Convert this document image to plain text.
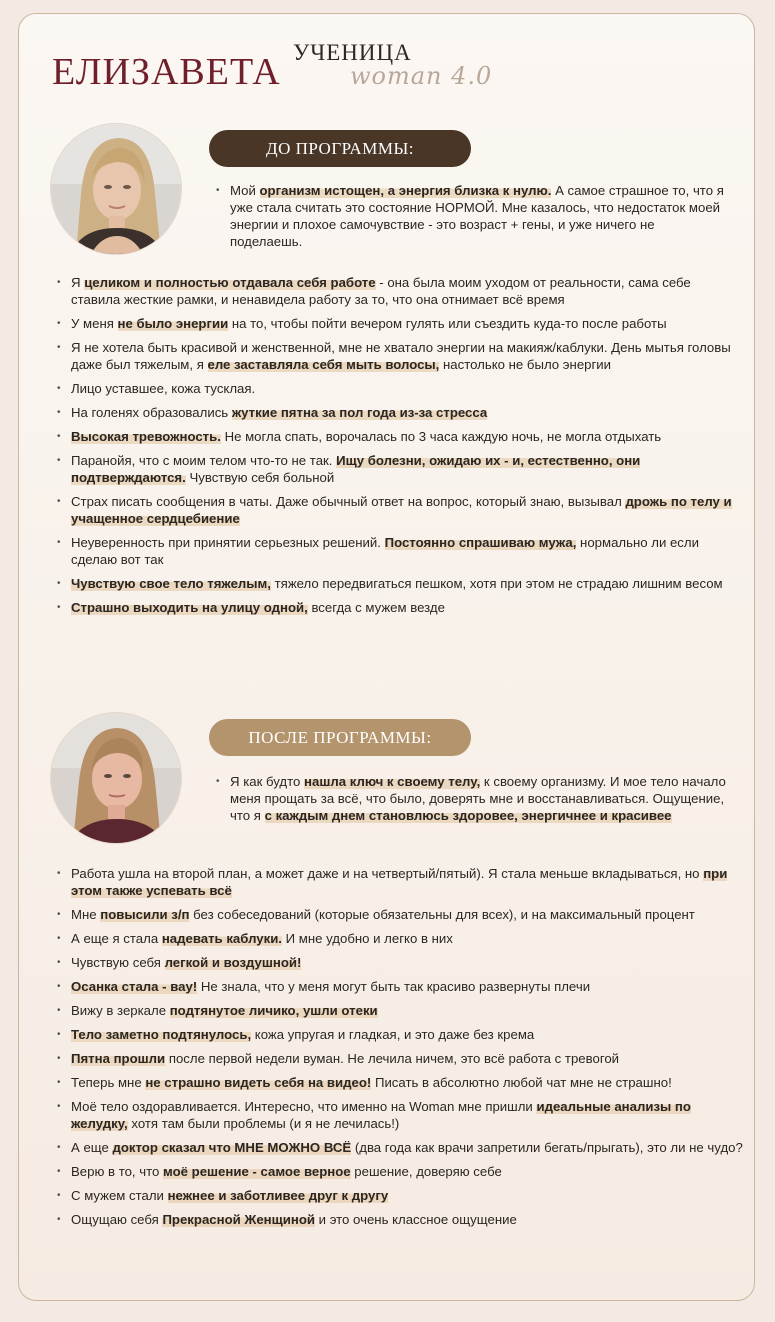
ЕЛИЗАВЕТА УЧЕНИЦА
woman 4.0
ДО ПРОГРАММЫ:
• Мой организм истощен, а энергия близка к нулю. А самое страшное то, что я уже стала считать это состояние НОРМОЙ. Мне казалось, что недостаток моей энергии и плохое самочувствие - это возраст + гены, и уже ничего не поделаешь.
• Я целиком и полностью отдавала себя работе - она была моим уходом от реальности, сама себе ставила жесткие рамки, и ненавидела работу за то, что она отнимает всё время
• У меня не было энергии на то, чтобы пойти вечером гулять или съездить куда-то после работы
• Я не хотела быть красивой и женственной, мне не хватало энергии на макияж/каблуки. День мытья головы даже был тяжелым, я еле заставляла себя мыть волосы, настолько не было энергии
• Лицо уставшее, кожа тусклая.
• На голенях образовались жуткие пятна за пол года из-за стресса
• Высокая тревожность. Не могла спать, ворочалась по 3 часа каждую ночь, не могла отдыхать
• Паранойя, что с моим телом что-то не так. Ищу болезни, ожидаю их - и, естественно, они подтверждаются. Чувствую себя больной
• Страх писать сообщения в чаты. Даже обычный ответ на вопрос, который знаю, вызывал дрожь по телу и учащенное сердцебиение
• Неуверенность при принятии серьезных решений. Постоянно спрашиваю мужа, нормально ли если сделаю вот так
• Чувствую свое тело тяжелым, тяжело передвигаться пешком, хотя при этом не страдаю лишним весом
• Страшно выходить на улицу одной, всегда с мужем везде
ПОСЛЕ ПРОГРАММЫ:
• Я как будто нашла ключ к своему телу, к своему организму. И мое тело начало меня прощать за всё, что было, доверять мне и восстанавливаться. Ощущение, что я с каждым днем становлюсь здоровее, энергичнее и красивее
• Работа ушла на второй план, а может даже и на четвертый/пятый). Я стала меньше вкладываться, но при этом также успевать всё
• Мне повысили з/п без собеседований (которые обязательны для всех), и на максимальный процент
• А еще я стала надевать каблуки. И мне удобно и легко в них
• Чувствую себя легкой и воздушной!
• Осанка стала - вау! Не знала, что у меня могут быть так красиво развернуты плечи
• Вижу в зеркале подтянутое личико, ушли отеки
• Тело заметно подтянулось, кожа упругая и гладкая, и это даже без крема
• Пятна прошли после первой недели вуман. Не лечила ничем, это всё работа с тревогой
• Теперь мне не страшно видеть себя на видео! Писать в абсолютно любой чат мне не страшно!
• Моё тело оздоравливается. Интересно, что именно на Woman мне пришли идеальные анализы по желудку, хотя там были проблемы (и я не лечилась!)
• А еще доктор сказал что МНЕ МОЖНО ВСЁ (два года как врачи запретили бегать/прыгать), это ли не чудо?
• Верю в то, что моё решение - самое верное решение, доверяю себе
• С мужем стали нежнее и заботливее друг к другу
• Ощущаю себя Прекрасной Женщиной и это очень классное ощущение
